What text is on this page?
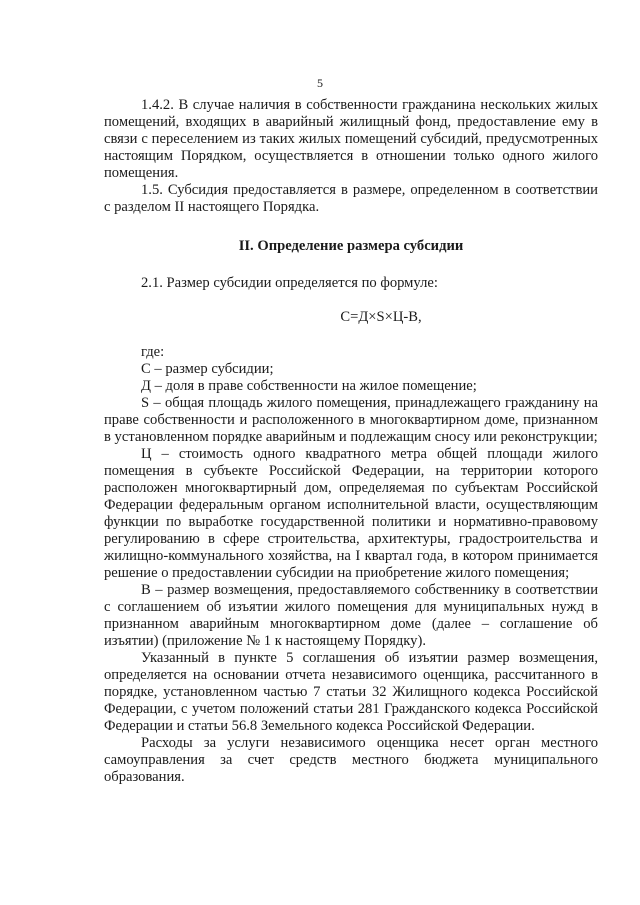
5

1.4.2. В случае наличия в собственности гражданина нескольких жилых помещений, входящих в аварийный жилищный фонд, предоставление ему в связи с переселением из таких жилых помещений субсидий, предусмотренных настоящим Порядком, осуществляется в отношении только одного жилого помещения.

1.5. Субсидия предоставляется в размере, определенном в соответствии с разделом II настоящего Порядка.

II. Определение размера субсидии

2.1. Размер субсидии определяется по формуле:

С=Д×S×Ц-В,

где:

С – размер субсидии;

Д – доля в праве собственности на жилое помещение;

S – общая площадь жилого помещения, принадлежащего гражданину на праве собственности и расположенного в многоквартирном доме, признанном в установленном порядке аварийным и подлежащим сносу или реконструкции;

Ц – стоимость одного квадратного метра общей площади жилого помещения в субъекте Российской Федерации, на территории которого расположен многоквартирный дом, определяемая по субъектам Российской Федерации федеральным органом исполнительной власти, осуществляющим функции по выработке государственной политики и нормативно-правовому регулированию в сфере строительства, архитектуры, градостроительства и жилищно-коммунального хозяйства, на I квартал года, в котором принимается решение о предоставлении субсидии на приобретение жилого помещения;

В – размер возмещения, предоставляемого собственнику в соответствии с соглашением об изъятии жилого помещения для муниципальных нужд в признанном аварийным многоквартирном доме (далее – соглашение об изъятии) (приложение № 1 к настоящему Порядку).

Указанный в пункте 5 соглашения об изъятии размер возмещения, определяется на основании отчета независимого оценщика, рассчитанного в порядке, установленном частью 7 статьи 32 Жилищного кодекса Российской Федерации, с учетом положений статьи 281 Гражданского кодекса Российской Федерации и статьи 56.8 Земельного кодекса Российской Федерации.

Расходы за услуги независимого оценщика несет орган местного самоуправления за счет средств местного бюджета муниципального образования.
